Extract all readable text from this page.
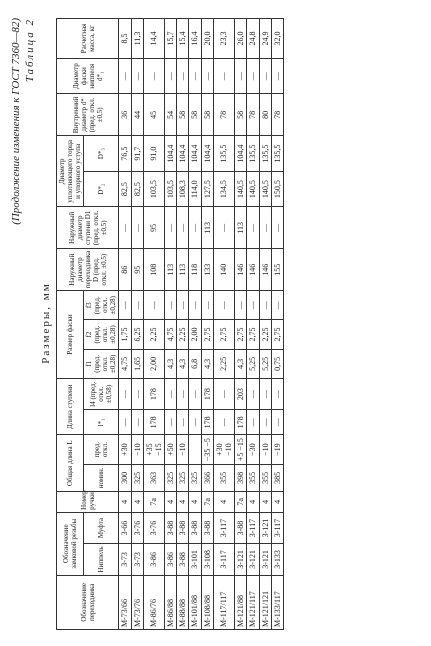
(Продолжение изменения к ГОСТ 7360—82) Таблица 2
Размеры, мм
Обозначение переходника	Обозначение замковой резьбы		Номер ручки	Общая длина L		Длина ступени		Размер фаски			Наружный диаметр переходника D (пред. откл. ±0,5)	Наружный диаметр ступени D1 (пред. откл. ±0,5)	Диаметр уплотняющего торца и упорного уступа		Внутренний диаметр d* (пред. откл. ±0,5)	Диаметр фаски ниппеля d*₁	Расчетная масса, кг
	Ниппель	Муфта		номин.	пред. откл.	l*₁	l4 (пред. откл. ±0,58)	f1 (пред. откл. ±0,28)	f2 (пред. откл. ±0,28)	f3 (пред. откл. ±0,28)			D*₂	D*₃			
М-73/66	З-73	З-66	4	300	+30	—	—	4,75	1,75	—	86	—	82,5	76,5	36	—	8,5
М-73/76	З-73	З-76	4	325	−10	—	—	1,65	6,25	—	95	—	82,5	91,7	44	—	11,3
М-86/76	З-86	З-76	7а	363	+35 −15	178	178	2,00	2,25	—	108	95	103,5	91,0	45	—	14,4
М-86/88	З-86	З-88	4	325	+50	—	—	4,3	4,75	—	113	—	103,5	104,4	54	—	15,7
М-88/88	З-88	З-88	4	325	−10	—	—	4,3	2,25	—	113	—	108,3	104,4	58	—	15,4
М-101/88	З-101	З-88	4	325		—	—	6,8	2,00	—	118	—	114,0	104,4	58	—	16,4
М-108/88	З-108	З-88	7а	366	−35 −5	178	178	4,3	2,75	—	133	113	127,5	104,4	58	—	20,0
М-117/117	З-117	З-117	4	355	+30 −10	—	—	2,25	2,75	—	140	—	134,5	135,5	78	—	23,3
М-121/88	З-121	З-88	7а	398	+5 −15	178	203	4,3	2,75	—	146	113	140,5	104,4	58	—	26,0
М-121/117	З-121	З-117	4	355	−30	—	—	5,25	2,75	—	146	—	140,5	135,5	78	—	24,8
М-121/121	З-121	З-121	4	355	−10	—	—	5,25	2,25	—	146	—	140,5	135,5	80	—	24,9
М-133/117	З-133	З-117	4	385	−19	—	—	0,75	2,75	—	155	—	150,5	135,5	78	—	32,0
